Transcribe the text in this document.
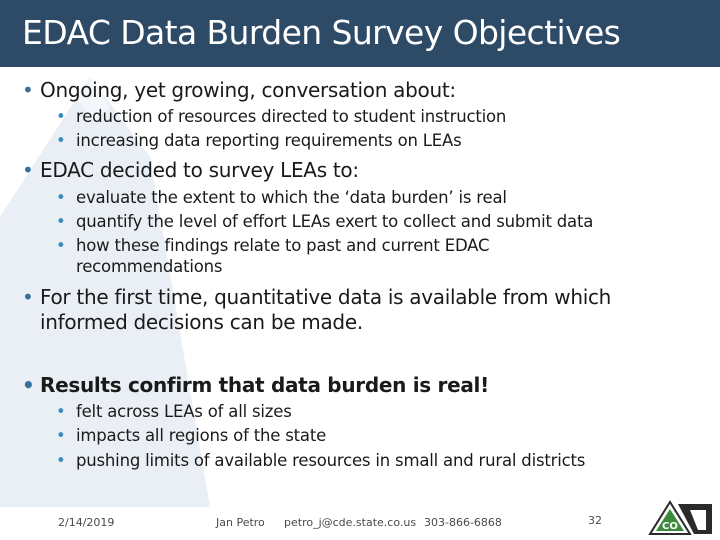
EDAC Data Burden Survey Objectives
• Ongoing, yet growing, conversation about:
• reduction of resources directed to student instruction
• increasing data reporting requirements on LEAs
• EDAC decided to survey LEAs to:
• evaluate the extent to which the ‘data burden’ is real
• quantify the level of effort LEAs exert to collect and submit data
• how these findings relate to past and current EDAC
recommendations
• For the first time, quantitative data is available from which
informed decisions can be made.
• Results confirm that data burden is real!
• felt across LEAs of all sizes
• impacts all regions of the state
• pushing limits of available resources in small and rural districts
2/14/2019	Jan Petro petro_j@cde.state.co.us 303-866-6868	32	CO
